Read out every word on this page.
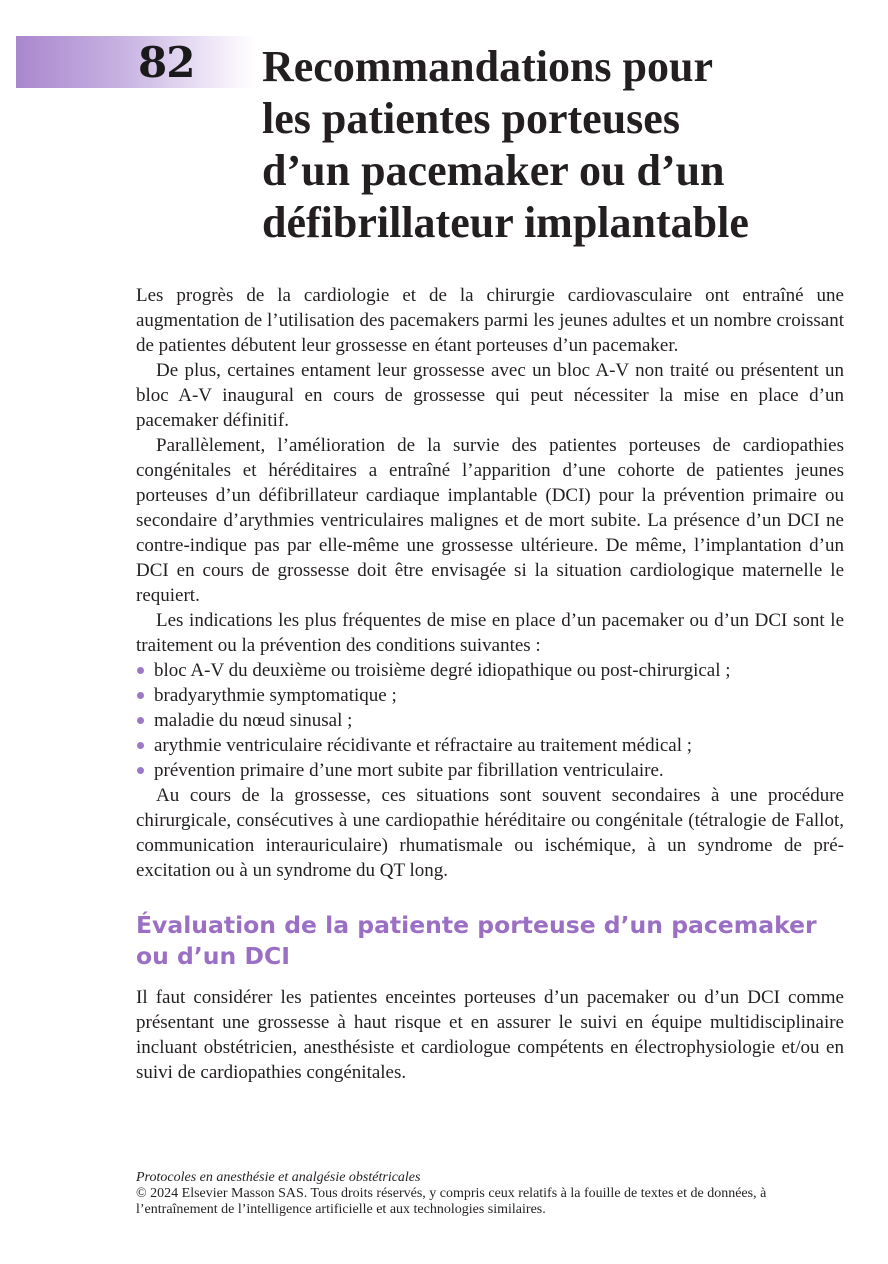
82 Recommandations pour
les patientes porteuses
d’un pacemaker ou d’un
défibrillateur implantable

Les progrès de la cardiologie et de la chirurgie cardiovasculaire ont entraîné une augmentation de l’utilisation des pacemakers parmi les jeunes adultes et un nombre croissant de patientes débutent leur grossesse en étant porteuses d’un pacemaker.

De plus, certaines entament leur grossesse avec un bloc A-V non traité ou présentent un bloc A-V inaugural en cours de grossesse qui peut nécessiter la mise en place d’un pacemaker définitif.

Parallèlement, l’amélioration de la survie des patientes porteuses de cardiopathies congénitales et héréditaires a entraîné l’apparition d’une cohorte de patientes jeunes porteuses d’un défibrillateur cardiaque implantable (DCI) pour la prévention primaire ou secondaire d’arythmies ventriculaires malignes et de mort subite. La présence d’un DCI ne contre-indique pas par elle-même une grossesse ultérieure. De même, l’implantation d’un DCI en cours de grossesse doit être envisagée si la situation cardiologique maternelle le requiert.

Les indications les plus fréquentes de mise en place d’un pacemaker ou d’un DCI sont le traitement ou la prévention des conditions suivantes :

bloc A-V du deuxième ou troisième degré idiopathique ou post-chirurgical ;
bradyarythmie symptomatique ;
maladie du nœud sinusal ;
arythmie ventriculaire récidivante et réfractaire au traitement médical ;
prévention primaire d’une mort subite par fibrillation ventriculaire.

Au cours de la grossesse, ces situations sont souvent secondaires à une procédure chirurgicale, consécutives à une cardiopathie héréditaire ou congénitale (tétralogie de Fallot, communication interauriculaire) rhumatismale ou ischémique, à un syndrome de pré-excitation ou à un syndrome du QT long.

Évaluation de la patiente porteuse d’un pacemaker ou d’un DCI

Il faut considérer les patientes enceintes porteuses d’un pacemaker ou d’un DCI comme présentant une grossesse à haut risque et en assurer le suivi en équipe multidisciplinaire incluant obstétricien, anesthésiste et cardiologue compétents en électrophysiologie et/ou en suivi de cardiopathies congénitales.

Protocoles en anesthésie et analgésie obstétricales
© 2024 Elsevier Masson SAS. Tous droits réservés, y compris ceux relatifs à la fouille de textes et de données, à l’entraînement de l’intelligence artificielle et aux technologies similaires.
